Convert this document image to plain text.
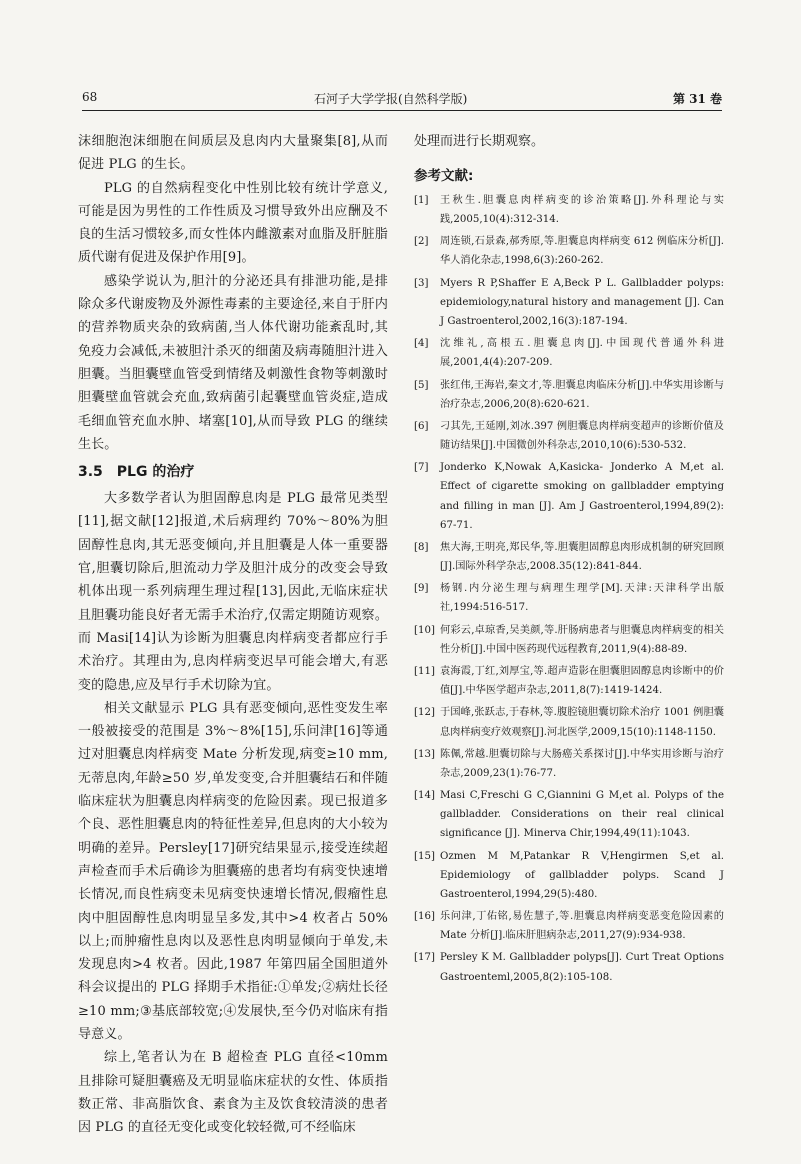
68	石河子大学学报(自然科学版)	第 31 卷

沫细胞泡沫细胞在间质层及息肉内大量聚集[8],从而促进 PLG 的生长。

PLG 的自然病程变化中性别比较有统计学意义,可能是因为男性的工作性质及习惯导致外出应酬及不良的生活习惯较多,而女性体内雌激素对血脂及肝脏脂质代谢有促进及保护作用[9]。

感染学说认为,胆汁的分泌还具有排泄功能,是排除众多代谢废物及外源性毒素的主要途径,来自于肝内的营养物质夹杂的致病菌,当人体代谢功能紊乱时,其免疫力会减低,未被胆汁杀灭的细菌及病毒随胆汁进入胆囊。当胆囊壁血管受到情绪及刺激性食物等刺激时胆囊壁血管就会充血,致病菌引起囊壁血管炎症,造成毛细血管充血水肿、堵塞[10],从而导致 PLG 的继续生长。

3.5　PLG 的治疗

大多数学者认为胆固醇息肉是 PLG 最常见类型[11],据文献[12]报道,术后病理约 70%～80%为胆固醇性息肉,其无恶变倾向,并且胆囊是人体一重要器官,胆囊切除后,胆流动力学及胆汁成分的改变会导致机体出现一系列病理生理过程[13],因此,无临床症状且胆囊功能良好者无需手术治疗,仅需定期随访观察。而 Masi[14]认为诊断为胆囊息肉样病变者都应行手术治疗。其理由为,息肉样病变迟早可能会增大,有恶变的隐患,应及早行手术切除为宜。

相关文献显示 PLG 具有恶变倾向,恶性变发生率一般被接受的范围是 3%～8%[15],乐问津[16]等通过对胆囊息肉样病变 Mate 分析发现,病变≥10 mm,无蒂息肉,年龄≥50 岁,单发变变,合并胆囊结石和伴随临床症状为胆囊息肉样病变的危险因素。现已报道多个良、恶性胆囊息肉的特征性差异,但息肉的大小较为明确的差异。Persley[17]研究结果显示,接受连续超声检查而手术后确诊为胆囊癌的患者均有病变快速增长情况,而良性病变未见病变快速增长情况,假瘤性息肉中胆固醇性息肉明显呈多发,其中>4 枚者占 50%以上;而肿瘤性息肉以及恶性息肉明显倾向于单发,未发现息肉>4 枚者。因此,1987 年第四届全国胆道外科会议提出的 PLG 择期手术指征:①单发;②病灶长径≥10 mm;③基底部较宽;④发展快,至今仍对临床有指导意义。

综上,笔者认为在 B 超检查 PLG 直径<10mm 且排除可疑胆囊癌及无明显临床症状的女性、体质指数正常、非高脂饮食、素食为主及饮食较清淡的患者因 PLG 的直径无变化或变化较轻微,可不经临床

处理而进行长期观察。

参考文献:
[1]	王秋生.胆囊息肉样病变的诊治策略[J].外科理论与实践,2005,10(4):312-314.
[2]	周连锁,石景森,郝秀原,等.胆囊息肉样病变 612 例临床分析[J].华人消化杂志,1998,6(3):260-262.
[3]	Myers R P,Shaffer E A,Beck P L. Gallbladder polyps: epidemiology,natural history and management [J]. Can J Gastroenterol,2002,16(3):187-194.
[4]	沈维礼,高根五.胆囊息肉[J].中国现代普通外科进展,2001,4(4):207-209.
[5]	张红伟,王海岩,秦文才,等.胆囊息肉临床分析[J].中华实用诊断与治疗杂志,2006,20(8):620-621.
[6]	刁其先,王延刚,刘冰.397 例胆囊息肉样病变超声的诊断价值及随访结果[J].中国微创外科杂志,2010,10(6):530-532.
[7]	Jonderko K,Nowak A,Kasicka- Jonderko A M,et al. Effect of cigarette smoking on gallbladder emptying and filling in man [J]. Am J Gastroenterol,1994,89(2): 67-71.
[8]	焦大海,王明亮,郑民华,等.胆囊胆固醇息肉形成机制的研究回顾[J].国际外科学杂志,2008.35(12):841-844.
[9]	杨钢.内分泌生理与病理生理学[M].天津:天津科学出版社,1994:516-517.
[10] 何彩云,卓琼香,吴美颜,等.肝肠病患者与胆囊息肉样病变的相关性分析[J].中国中医药现代远程教育,2011,9(4):88-89.
[11] 袁海霞,丁红,刘厚宝,等.超声造影在胆囊胆固醇息肉诊断中的价值[J].中华医学超声杂志,2011,8(7):1419-1424.
[12] 于国峰,张跃志,于春林,等.腹腔镜胆囊切除术治疗 1001 例胆囊息肉样病变疗效观察[J].河北医学,2009,15(10):1148-1150.
[13] 陈佩,常越.胆囊切除与大肠癌关系探讨[J].中华实用诊断与治疗杂志,2009,23(1):76-77.
[14] Masi C,Freschi G C,Giannini G M,et al. Polyps of the gallbladder. Considerations on their real clinical significance [J]. Minerva Chir,1994,49(11):1043.
[15] Ozmen M M,Patankar R V,Hengirmen S,et al. Epidemiology of gallbladder polyps. Scand J Gastroenterol,1994,29(5):480.
[16] 乐问津,丁佑铭,易佐慧子,等.胆囊息肉样病变恶变危险因素的 Mate 分析[J].临床肝胆病杂志,2011,27(9):934-938.
[17] Persley K M. Gallbladder polyps[J]. Curt Treat Options Gastroenteml,2005,8(2):105-108.
